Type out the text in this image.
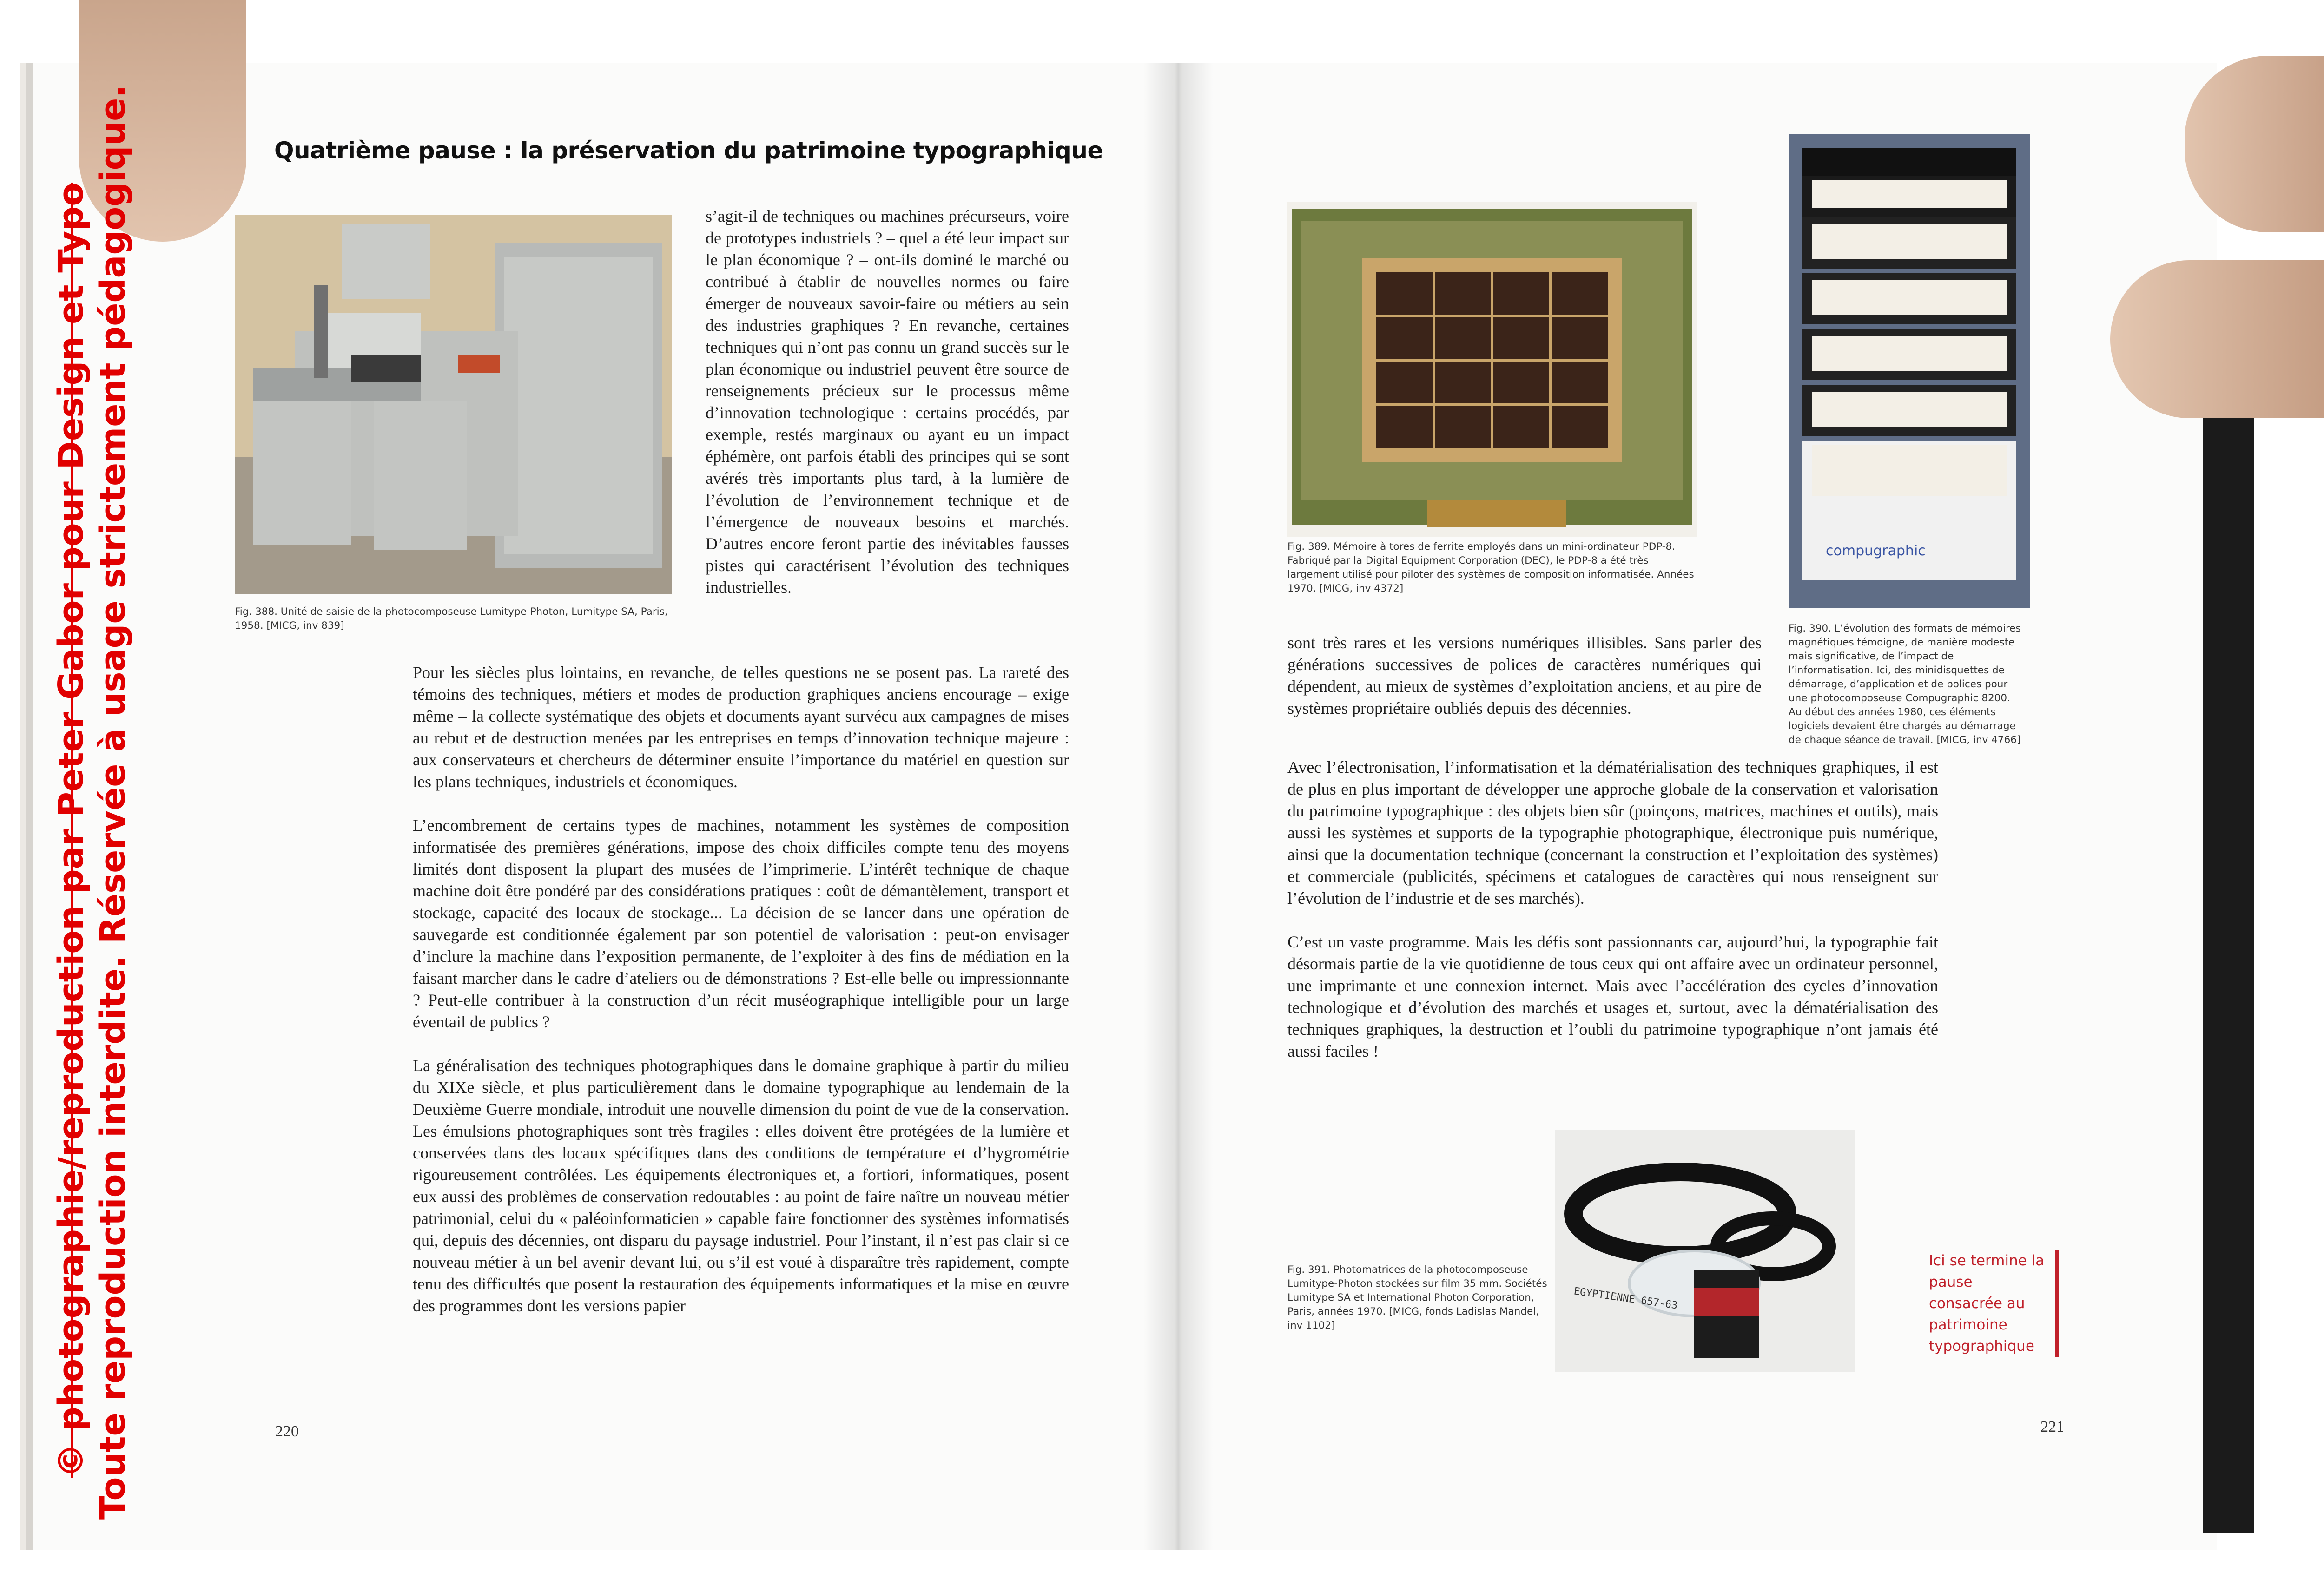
© photographie/reproduction par Peter Gabor pour Design et Typo Toute reproduction interdite. Réservée à usage strictement pédagogique.	Quatrième pause : la préservation du patrimoine typographique
Fig. 388. Unité de saisie de la photocomposeuse Lumitype-Photon, Lumitype SA, Paris, 1958. [MICG, inv 839]
s’agit-il de techniques ou machines précurseurs, voire de prototypes industriels ? – quel a été leur impact sur le plan économique ? – ont-ils dominé le marché ou contribué à établir de nouvelles normes ou faire émerger de nouveaux savoir-faire ou métiers au sein des industries graphiques ? En revanche, certaines techniques qui n’ont pas connu un grand succès sur le plan économique ou industriel peuvent être source de renseignements précieux sur le processus même d’innovation technologique : certains procédés, par exemple, restés marginaux ou ayant eu un impact éphémère, ont parfois établi des principes qui se sont avérés très importants plus tard, à la lumière de l’évolution de l’environnement technique et de l’émergence de nouveaux besoins et marchés. D’autres encore feront partie des inévitables fausses pistes qui caractérisent l’évolution des techniques industrielles.

Pour les siècles plus lointains, en revanche, de telles questions ne se posent pas. La rareté des témoins des techniques, métiers et modes de production graphiques anciens encourage – exige même – la collecte systématique des objets et documents ayant survécu aux campagnes de mises au rebut et de destruction menées par les entreprises en temps d’innovation technique majeure : aux conservateurs et chercheurs de déterminer ensuite l’importance du matériel en question sur les plans techniques, industriels et économiques.

L’encombrement de certains types de machines, notamment les systèmes de composition informatisée des premières générations, impose des choix difficiles compte tenu des moyens limités dont disposent la plupart des musées de l’imprimerie. L’intérêt technique de chaque machine doit être pondéré par des considérations pratiques : coût de démantèlement, transport et stockage, capacité des locaux de stockage... La décision de se lancer dans une opération de sauvegarde est conditionnée également par son potentiel de valorisation : peut-on envisager d’inclure la machine dans l’exposition permanente, de l’exploiter à des fins de médiation en la faisant marcher dans le cadre d’ateliers ou de démonstrations ? Est-elle belle ou impressionnante ? Peut-elle contribuer à la construction d’un récit muséographique intelligible pour un large éventail de publics ?

La généralisation des techniques photographiques dans le domaine graphique à partir du milieu du XIXe siècle, et plus particulièrement dans le domaine typographique au lendemain de la Deuxième Guerre mondiale, introduit une nouvelle dimension du point de vue de la conservation. Les émulsions photographiques sont très fragiles : elles doivent être protégées de la lumière et conservées dans des locaux spécifiques dans des conditions de température et d’hygrométrie rigoureusement contrôlées. Les équipements électroniques et, a fortiori, informatiques, posent eux aussi des problèmes de conservation redoutables : au point de faire naître un nouveau métier patrimonial, celui du « paléoinformaticien » capable faire fonctionner des systèmes informatisés qui, depuis des décennies, ont disparu du paysage industriel. Pour l’instant, il n’est pas clair si ce nouveau métier à un bel avenir devant lui, ou s’il est voué à disparaître très rapidement, compte tenu des difficultés que posent la restauration des équipements informatiques et la mise en œuvre des programmes dont les versions papier

220
Fig. 389. Mémoire à tores de ferrite employés dans un mini-ordinateur PDP-8. Fabriqué par la Digital Equipment Corporation (DEC), le PDP-8 a été très largement utilisé pour piloter des systèmes de composition informatisée. Années 1970. [MICG, inv 4372]
compugraphic
Fig. 390. L’évolution des formats de mémoires magnétiques témoigne, de manière modeste mais significative, de l’impact de l’informatisation. Ici, des minidisquettes de démarrage, d’application et de polices pour une photocomposeuse Compugraphic 8200. Au début des années 1980, ces éléments logiciels devaient être chargés au démarrage de chaque séance de travail. [MICG, inv 4766]

sont très rares et les versions numériques illisibles. Sans parler des générations successives de polices de caractères numériques qui dépendent, au mieux de systèmes d’exploitation anciens, et au pire de systèmes propriétaire oubliés depuis des décennies.

Avec l’électronisation, l’informatisation et la dématérialisation des techniques graphiques, il est de plus en plus important de développer une approche globale de la conservation et valorisation du patrimoine typographique : des objets bien sûr (poinçons, matrices, machines et outils), mais aussi les systèmes et supports de la typographie photographique, électronique puis numérique, ainsi que la documentation technique (concernant la construction et l’exploitation des systèmes) et commerciale (publicités, spécimens et catalogues de caractères qui nous renseignent sur l’évolution de l’industrie et de ses marchés).

C’est un vaste programme. Mais les défis sont passionnants car, aujourd’hui, la typographie fait désormais partie de la vie quotidienne de tous ceux qui ont affaire avec un ordinateur personnel, une imprimante et une connexion internet. Mais avec l’accélération des cycles d’innovation technologique et d’évolution des marchés et usages et, surtout, avec la dématérialisation des techniques graphiques, la destruction et l’oubli du patrimoine typographique n’ont jamais été aussi faciles !

EGYPTIENNE 657-63
Fig. 391. Photomatrices de la photocomposeuse Lumitype-Photon stockées sur film 35 mm. Sociétés Lumitype SA et International Photon Corporation, Paris, années 1970. [MICG, fonds Ladislas Mandel, inv 1102]
Ici se termine la pause consacrée au patrimoine typographique
221
